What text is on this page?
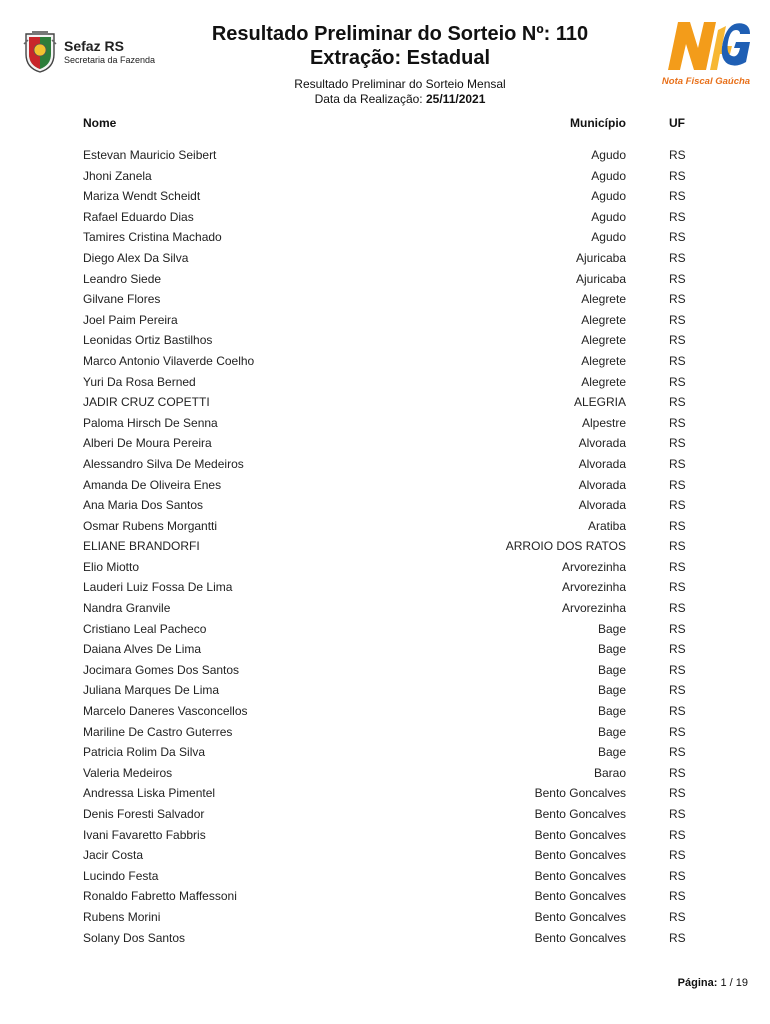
Sefaz RS
Secretaria da Fazenda
Resultado Preliminar do Sorteio Nº: 110
Extração: Estadual
Resultado Preliminar do Sorteio Mensal
Data da Realização: 25/11/2021
Nota Fiscal Gaúcha
Nome	Município	UF
Estevan Mauricio Seibert	Agudo	RS
Jhoni Zanela	Agudo	RS
Mariza Wendt Scheidt	Agudo	RS
Rafael Eduardo Dias	Agudo	RS
Tamires Cristina Machado	Agudo	RS
Diego Alex Da Silva	Ajuricaba	RS
Leandro Siede	Ajuricaba	RS
Gilvane Flores	Alegrete	RS
Joel Paim Pereira	Alegrete	RS
Leonidas Ortiz Bastilhos	Alegrete	RS
Marco Antonio Vilaverde Coelho	Alegrete	RS
Yuri Da Rosa Berned	Alegrete	RS
JADIR CRUZ COPETTI	ALEGRIA	RS
Paloma Hirsch De Senna	Alpestre	RS
Alberi De Moura Pereira	Alvorada	RS
Alessandro Silva De Medeiros	Alvorada	RS
Amanda De Oliveira Enes	Alvorada	RS
Ana Maria Dos Santos	Alvorada	RS
Osmar Rubens Morgantti	Aratiba	RS
ELIANE BRANDORFI	ARROIO DOS RATOS	RS
Elio Miotto	Arvorezinha	RS
Lauderi Luiz Fossa De Lima	Arvorezinha	RS
Nandra Granvile	Arvorezinha	RS
Cristiano Leal Pacheco	Bage	RS
Daiana Alves De Lima	Bage	RS
Jocimara Gomes Dos Santos	Bage	RS
Juliana Marques De Lima	Bage	RS
Marcelo Daneres Vasconcellos	Bage	RS
Mariline De Castro Guterres	Bage	RS
Patricia Rolim Da Silva	Bage	RS
Valeria Medeiros	Barao	RS
Andressa Liska Pimentel	Bento Goncalves	RS
Denis Foresti Salvador	Bento Goncalves	RS
Ivani Favaretto Fabbris	Bento Goncalves	RS
Jacir Costa	Bento Goncalves	RS
Lucindo Festa	Bento Goncalves	RS
Ronaldo Fabretto Maffessoni	Bento Goncalves	RS
Rubens Morini	Bento Goncalves	RS
Solany Dos Santos	Bento Goncalves	RS
Página: 1 / 19
